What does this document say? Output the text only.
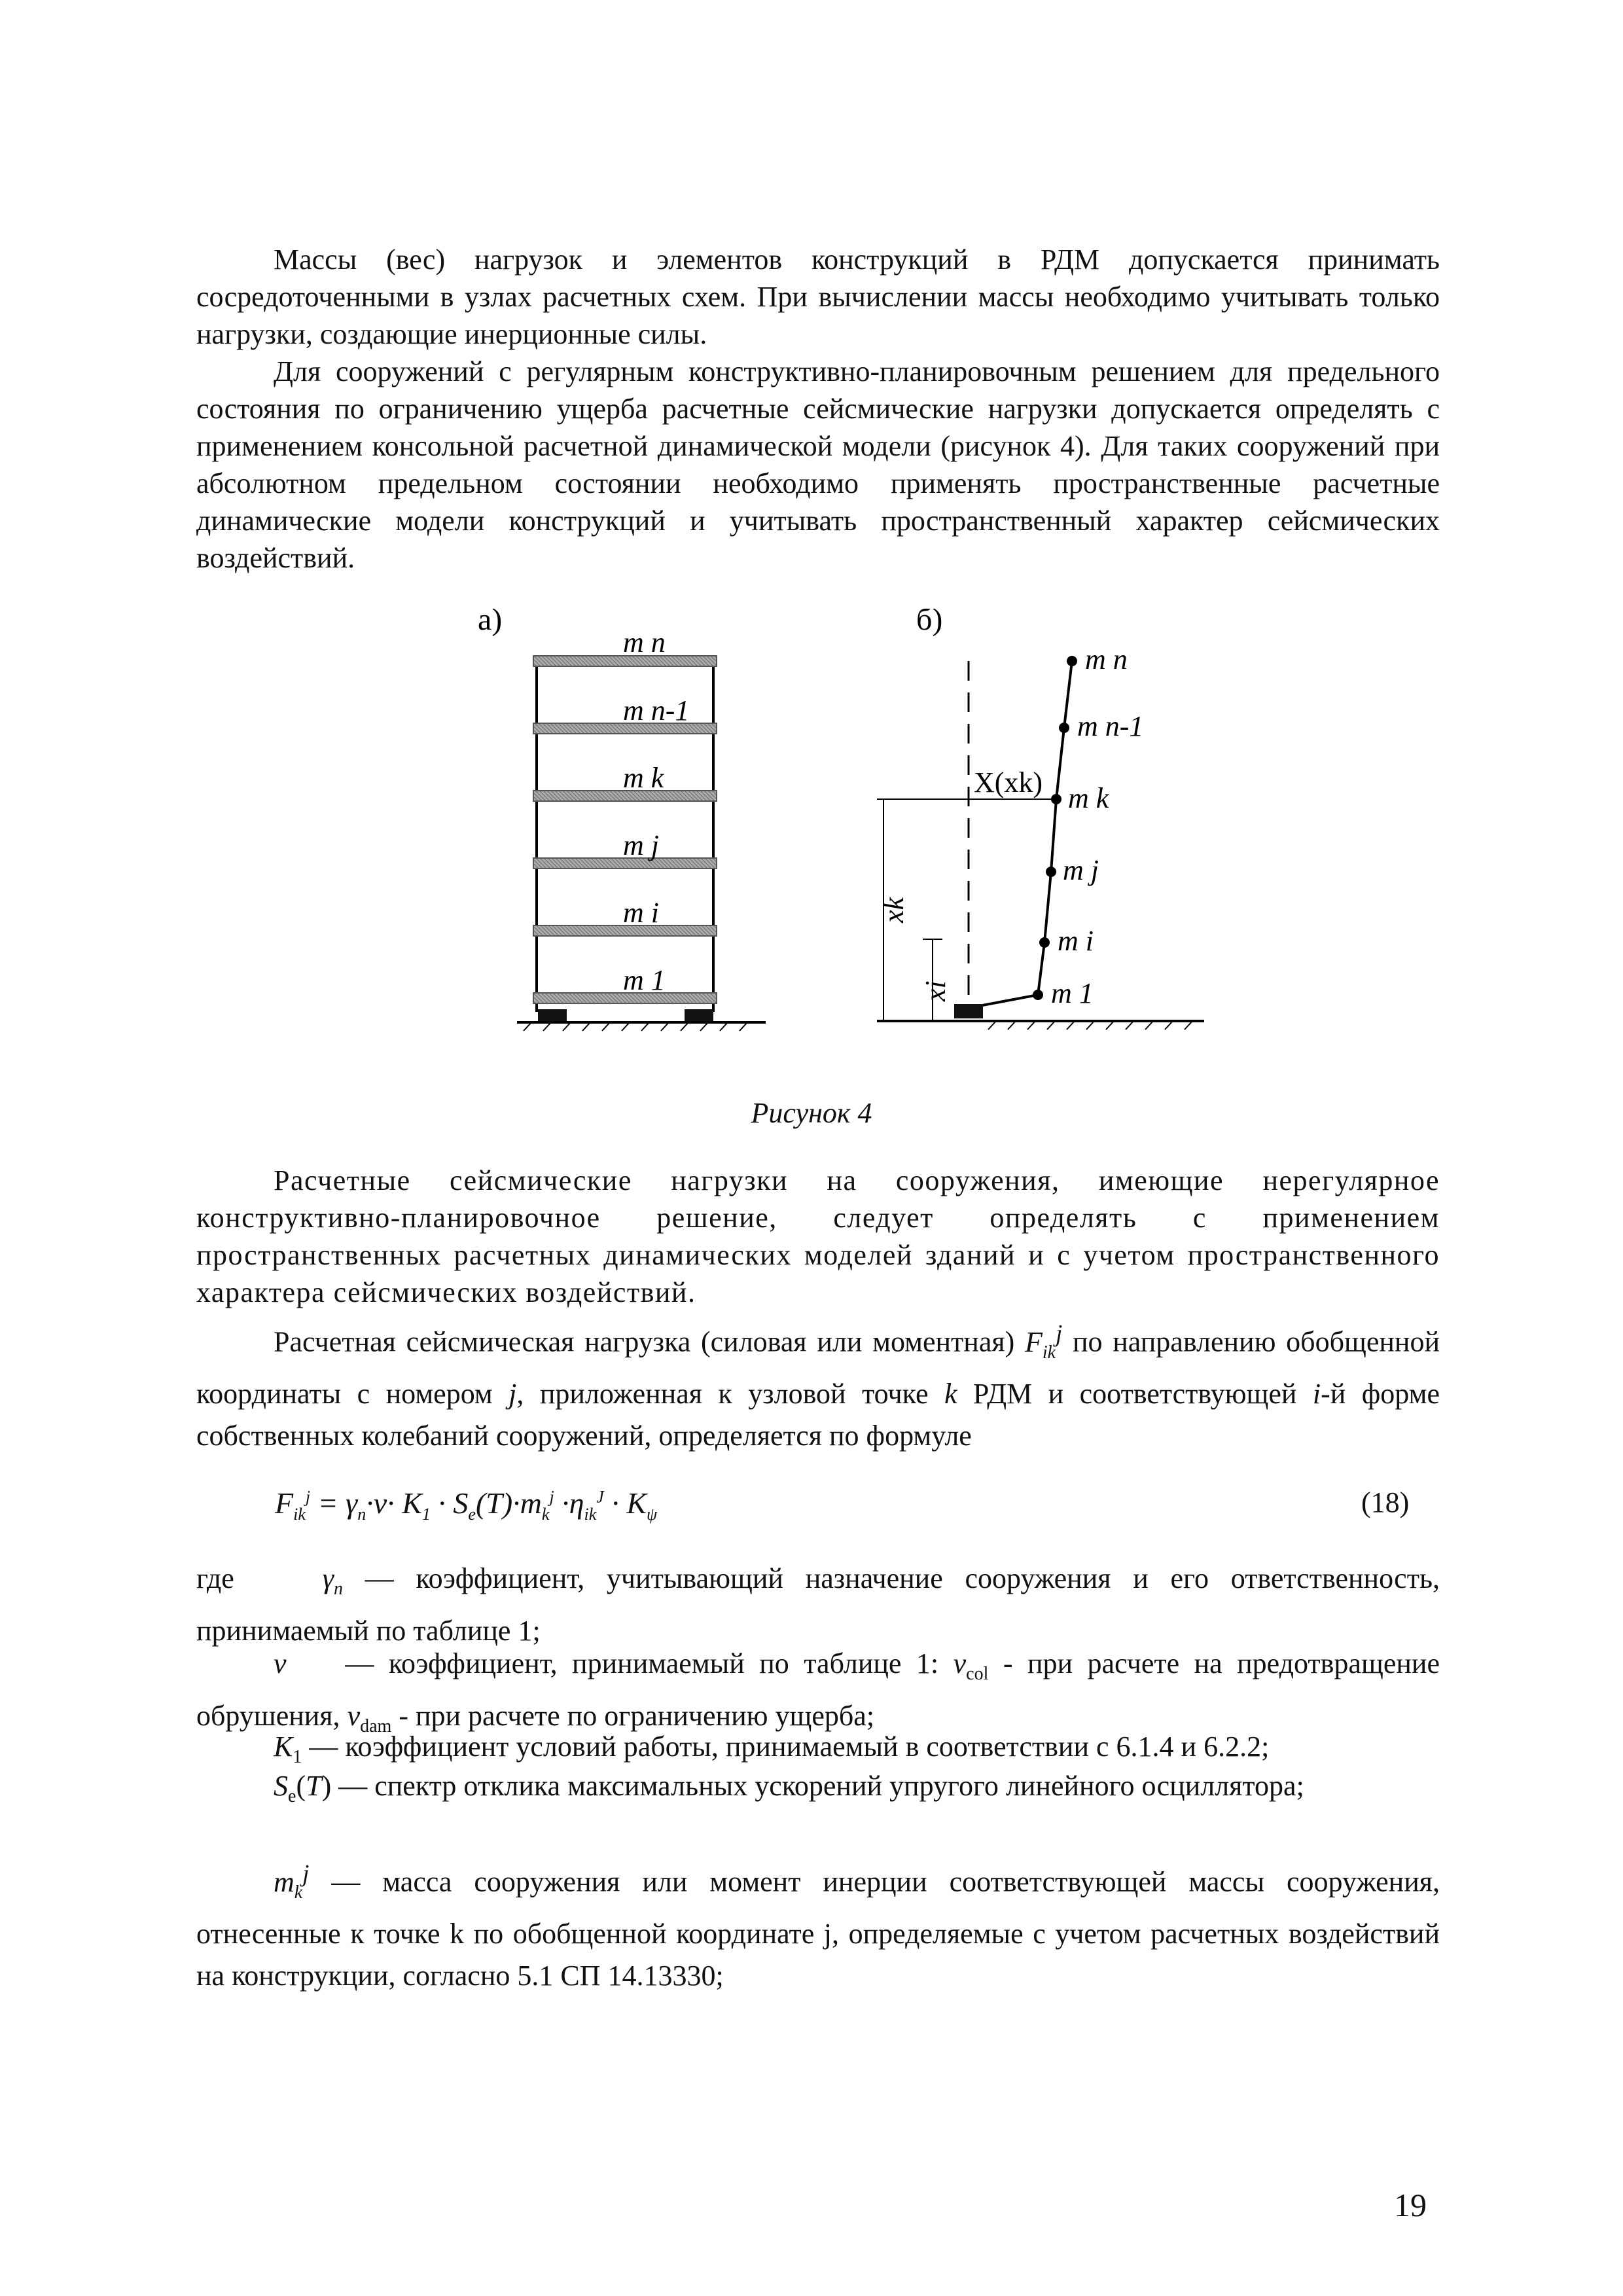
Массы (вес) нагрузок и элементов конструкций в РДМ допускается принимать сосредоточенными в узлах расчетных схем. При вычислении массы необходимо учитывать только нагрузки, создающие инерционные силы.

Для сооружений с регулярным конструктивно-планировочным решением для предельного состояния по ограничению ущерба расчетные сейсмические нагрузки допускается определять с применением консольной расчетной динамической модели (рисунок 4). Для таких сооружений при абсолютном предельном состоянии необходимо применять пространственные расчетные динамические модели конструкций и учитывать пространственный характер сейсмических воздействий.

а)
m n
m n-1
m k
m j
m i
m 1
б)
X(xk)
m n
m n-1
m k
m j
m i
m 1
xk
xi
Рисунок 4

Расчетные сейсмические нагрузки на сооружения, имеющие нерегулярное конструктивно-планировочное решение, следует определять с применением пространственных расчетных динамических моделей зданий и с учетом пространственного характера сейсмических воздействий.

Расчетная сейсмическая нагрузка (силовая или моментная) $F_{ik}^j$ по направлению обобщенной координаты с номером j, приложенная к узловой точке k РДМ и соответствующей i-й форме собственных колебаний сооружений, определяется по формуле

$F_{ik}^j = \gamma_n\cdot\nu\cdot K_1 \cdot S_e(T)\cdot m_k^j \cdot\eta_{ik}^J \cdot K_\psi$	(18)

где	$\gamma_n$ — коэффициент, учитывающий назначение сооружения и его ответственность, принимаемый по таблице 1;

ν — коэффициент, принимаемый по таблице 1: $\nu_{col}$ - при расчете на предотвращение обрушения, $\nu_{dam}$ - при расчете по ограничению ущерба;

$K_1$ — коэффициент условий работы, принимаемый в соответствии с 6.1.4 и 6.2.2;

$S_e(T)$ — спектр отклика максимальных ускорений упругого линейного осциллятора;

$m_k^j$ — масса сооружения или момент инерции соответствующей массы сооружения, отнесенные к точке k по обобщенной координате j, определяемые с учетом расчетных воздействий на конструкции, согласно 5.1 СП 14.13330;

19
